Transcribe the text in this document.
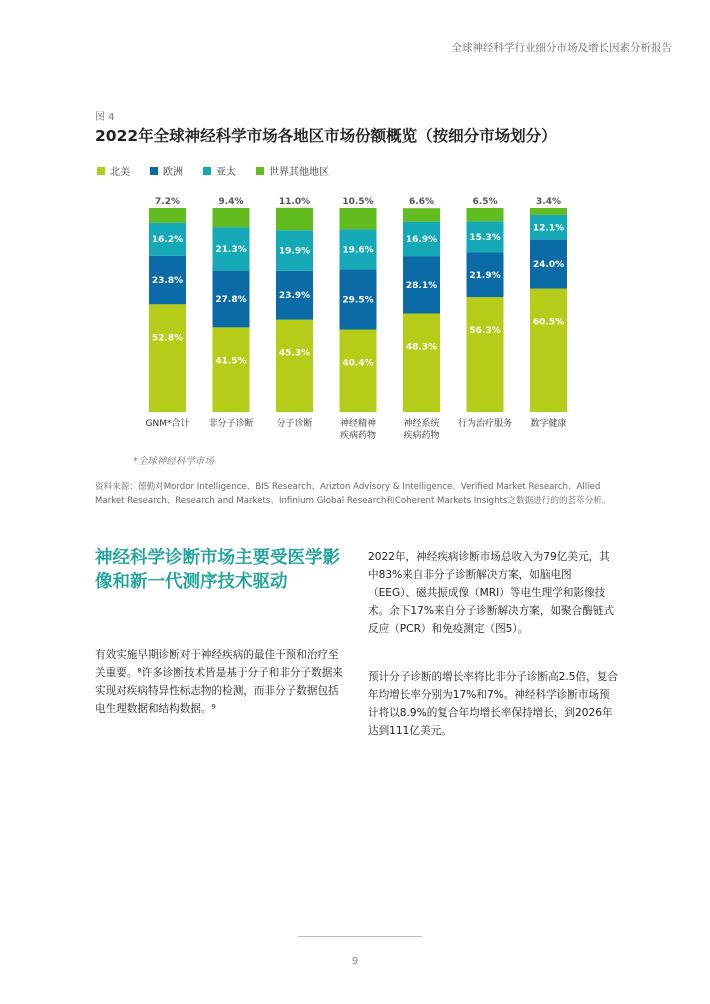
全球神经科学行业细分市场及增长因素分析报告
图 4
2022年全球神经科学市场各地区市场份额概览（按细分市场划分）
北美	欧洲	亚太	世界其他地区
52.8%
23.8%
16.2%
7.2%
GNM*合计
41.5%
27.8%
21.3%
9.4%
非分子诊断
45.3%
23.9%
19.9%
11.0%
分子诊断
40.4%
29.5%
19.6%
10.5%
神经精神
疾病药物
48.3%
28.1%
16.9%
6.6%
神经系统
疾病药物
56.3%
21.9%
15.3%
6.5%
行为治疗服务
60.5%
24.0%
12.1%
3.4%
数字健康
*全球神经科学市场
资料来源：德勤对Mordor Intelligence、BIS Research、Arizton Advisory & Intelligence、Verified Market Research、Allied Market Research、Research and Markets、Infinium Global Research和Coherent Markets Insights之数据进行的的荟萃分析。
神经科学诊断市场主要受医学影像和新一代测序技术驱动
有效实施早期诊断对于神经疾病的最佳干预和治疗至关重要。⁸许多诊断技术皆是基于分子和非分子数据来实现对疾病特异性标志物的检测，而非分子数据包括电生理数据和结构数据。⁹
2022年，神经疾病诊断市场总收入为79亿美元，其中83%来自非分子诊断解决方案，如脑电图（EEG）、磁共振成像（MRI）等电生理学和影像技术。余下17%来自分子诊断解决方案，如聚合酶链式反应（PCR）和免疫测定（图5）。
预计分子诊断的增长率将比非分子诊断高2.5倍，复合年均增长率分别为17%和7%。神经科学诊断市场预计将以8.9%的复合年均增长率保持增长，到2026年达到111亿美元。
9
